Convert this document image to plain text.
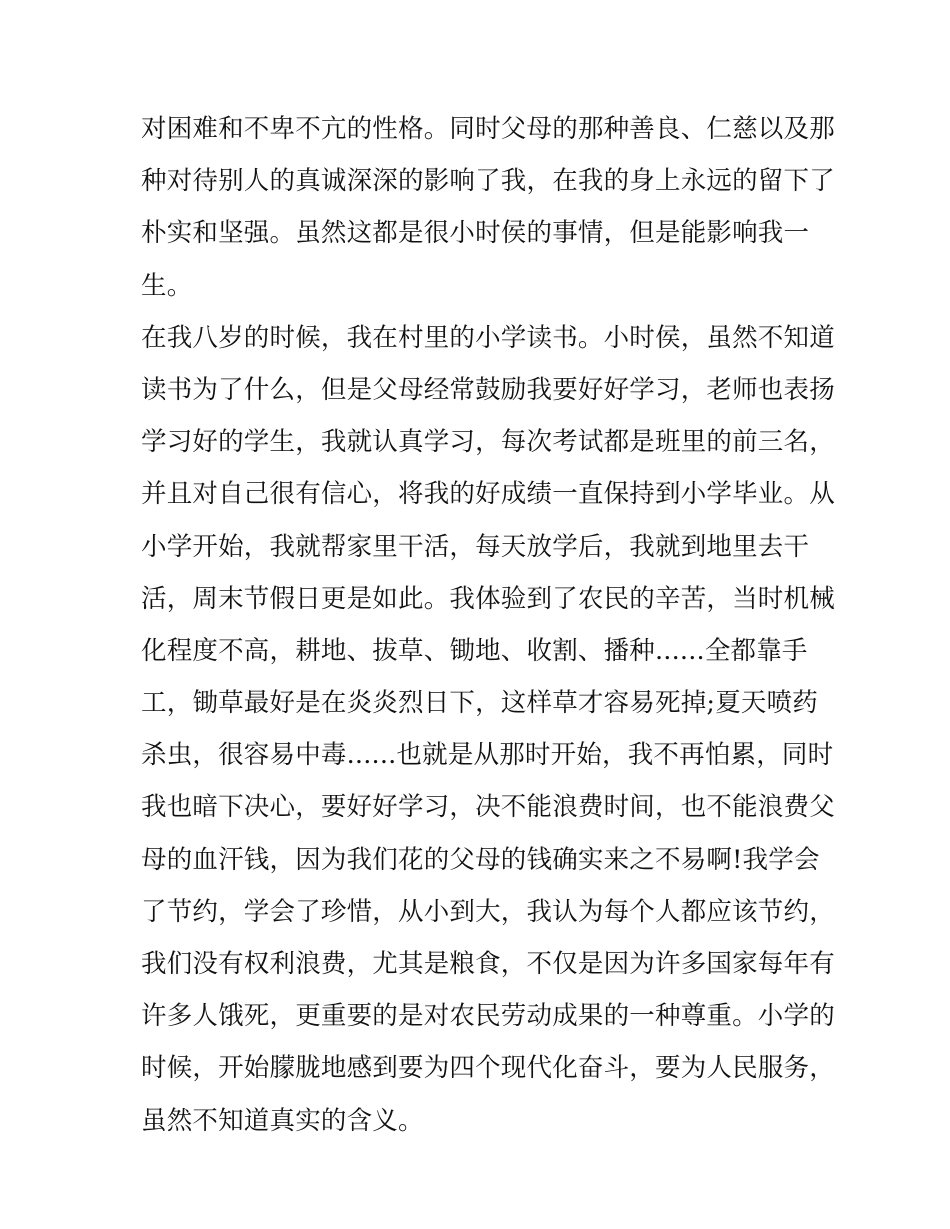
对困难和不卑不亢的性格。同时父母的那种善良、仁慈以及那
种对待别人的真诚深深的影响了我，在我的身上永远的留下了
朴实和坚强。虽然这都是很小时侯的事情，但是能影响我一
生。
在我八岁的时候，我在村里的小学读书。小时侯，虽然不知道
读书为了什么，但是父母经常鼓励我要好好学习，老师也表扬
学习好的学生，我就认真学习，每次考试都是班里的前三名，
并且对自己很有信心，将我的好成绩一直保持到小学毕业。从
小学开始，我就帮家里干活，每天放学后，我就到地里去干
活，周末节假日更是如此。我体验到了农民的辛苦，当时机械
化程度不高，耕地、拔草、锄地、收割、播种......全都靠手
工，锄草最好是在炎炎烈日下，这样草才容易死掉;夏天喷药
杀虫，很容易中毒......也就是从那时开始，我不再怕累，同时
我也暗下决心，要好好学习，决不能浪费时间，也不能浪费父
母的血汗钱，因为我们花的父母的钱确实来之不易啊!我学会
了节约，学会了珍惜，从小到大，我认为每个人都应该节约，
我们没有权利浪费，尤其是粮食，不仅是因为许多国家每年有
许多人饿死，更重要的是对农民劳动成果的一种尊重。小学的
时候，开始朦胧地感到要为四个现代化奋斗，要为人民服务，
虽然不知道真实的含义。
